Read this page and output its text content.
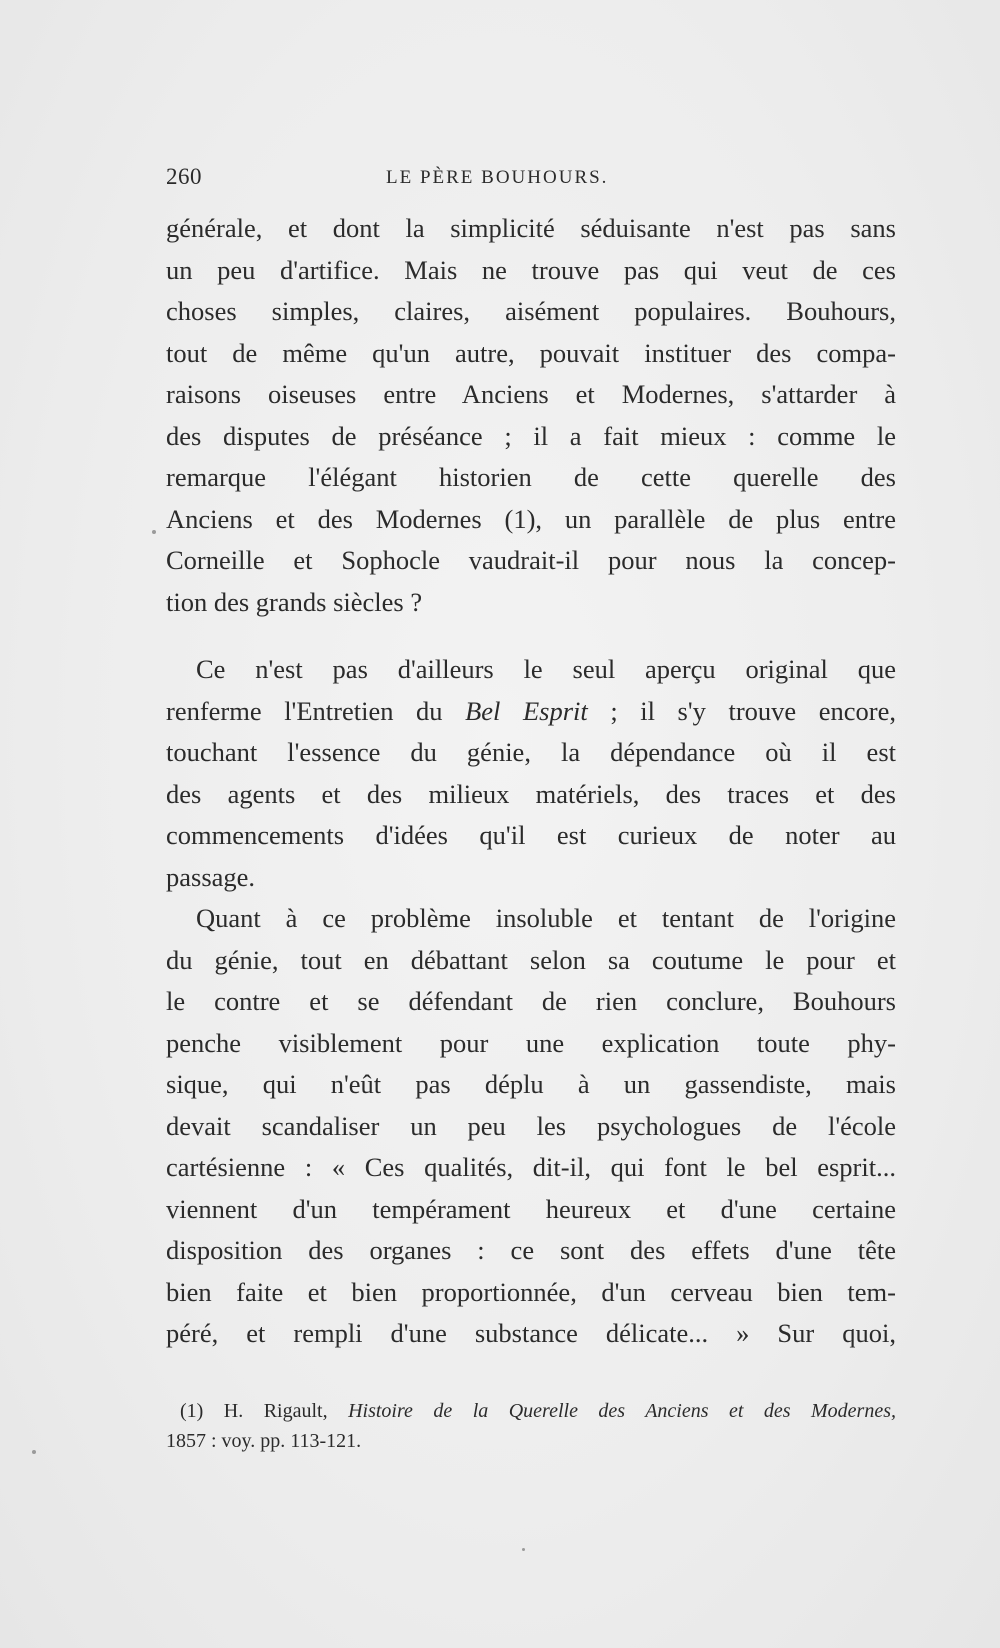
260	LE PÈRE BOUHOURS.
générale, et dont la simplicité séduisante n'est pas sans
un peu d'artifice. Mais ne trouve pas qui veut de ces
choses simples, claires, aisément populaires. Bouhours,
tout de même qu'un autre, pouvait instituer des compa-
raisons oiseuses entre Anciens et Modernes, s'attarder à
des disputes de préséance ; il a fait mieux : comme le
remarque l'élégant historien de cette querelle des
Anciens et des Modernes (1), un parallèle de plus entre
Corneille et Sophocle vaudrait-il pour nous la concep-
tion des grands siècles ?
Ce n'est pas d'ailleurs le seul aperçu original que
renferme l'Entretien du Bel Esprit ; il s'y trouve encore,
touchant l'essence du génie, la dépendance où il est
des agents et des milieux matériels, des traces et des
commencements d'idées qu'il est curieux de noter au
passage.
Quant à ce problème insoluble et tentant de l'origine
du génie, tout en débattant selon sa coutume le pour et
le contre et se défendant de rien conclure, Bouhours
penche visiblement pour une explication toute phy-
sique, qui n'eût pas déplu à un gassendiste, mais
devait scandaliser un peu les psychologues de l'école
cartésienne : « Ces qualités, dit-il, qui font le bel esprit...
viennent d'un tempérament heureux et d'une certaine
disposition des organes : ce sont des effets d'une tête
bien faite et bien proportionnée, d'un cerveau bien tem-
péré, et rempli d'une substance délicate... » Sur quoi,
(1) H. Rigault, Histoire de la Querelle des Anciens et des Modernes,
1857 : voy. pp. 113-121.
